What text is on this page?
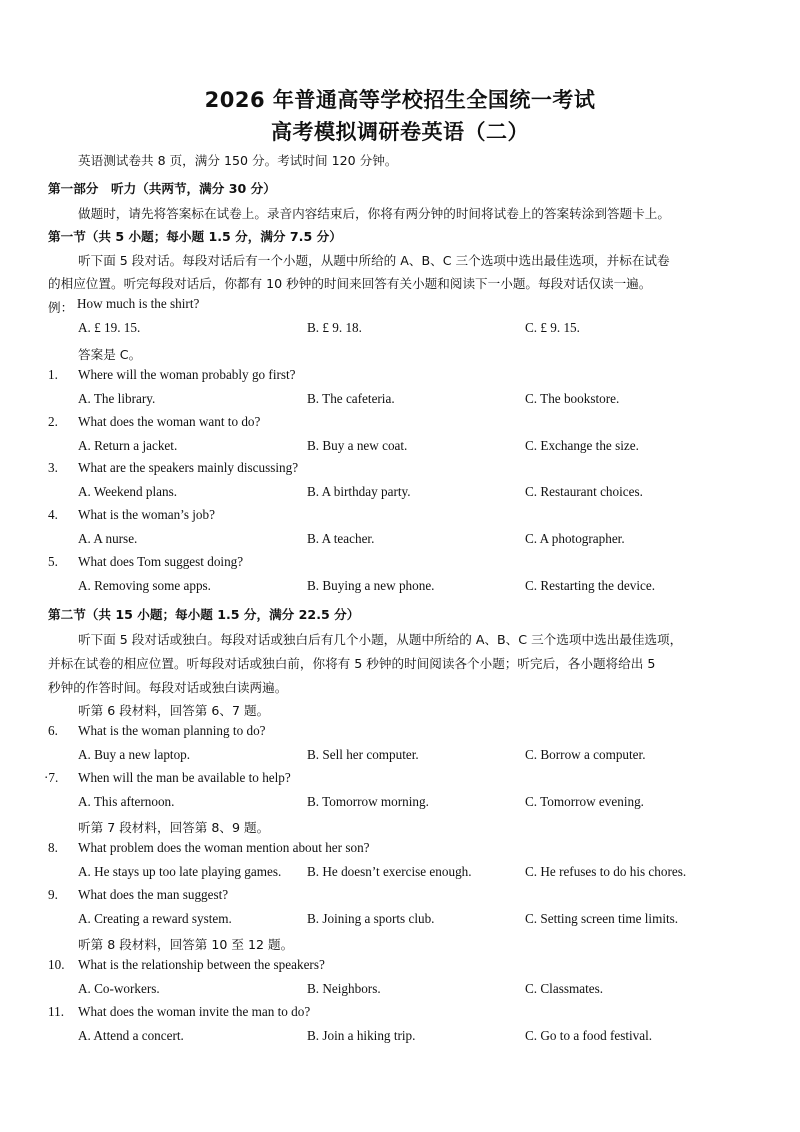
2026 年普通高等学校招生全国统一考试
高考模拟调研卷英语（二）
英语测试卷共 8 页，满分 150 分。考试时间 120 分钟。
第一部分　听力（共两节，满分 30 分）
做题时，请先将答案标在试卷上。录音内容结束后，你将有两分钟的时间将试卷上的答案转涂到答题卡上。
第一节（共 5 小题；每小题 1.5 分，满分 7.5 分）
听下面 5 段对话。每段对话后有一个小题，从题中所给的 A、B、C 三个选项中选出最佳选项，并标在试卷
的相应位置。听完每段对话后，你都有 10 秒钟的时间来回答有关小题和阅读下一小题。每段对话仅读一遍。
例： How much is the shirt?
A. £ 19. 15.	B. £ 9. 18.	C. £ 9. 15.
答案是 C。
1. Where will the woman probably go first?
A. The library.	B. The cafeteria.	C. The bookstore.
2. What does the woman want to do?
A. Return a jacket.	B. Buy a new coat.	C. Exchange the size.
3. What are the speakers mainly discussing?
A. Weekend plans.	B. A birthday party.	C. Restaurant choices.
4. What is the woman’s job?
A. A nurse.	B. A teacher.	C. A photographer.
5. What does Tom suggest doing?
A. Removing some apps.	B. Buying a new phone.	C. Restarting the device.
第二节（共 15 小题；每小题 1.5 分，满分 22.5 分）
听下面 5 段对话或独白。每段对话或独白后有几个小题，从题中所给的 A、B、C 三个选项中选出最佳选项，
并标在试卷的相应位置。听每段对话或独白前，你将有 5 秒钟的时间阅读各个小题；听完后，各小题将给出 5
秒钟的作答时间。每段对话或独白读两遍。
听第 6 段材料，回答第 6、7 题。
6. What is the woman planning to do?
A. Buy a new laptop.	B. Sell her computer.	C. Borrow a computer.
·7. When will the man be available to help?
A. This afternoon.	B. Tomorrow morning.	C. Tomorrow evening.
听第 7 段材料，回答第 8、9 题。
8. What problem does the woman mention about her son?
A. He stays up too late playing games. B. He doesn’t exercise enough.	C. He refuses to do his chores.
9. What does the man suggest?
A. Creating a reward system.	B. Joining a sports club.	C. Setting screen time limits.
听第 8 段材料，回答第 10 至 12 题。
10. What is the relationship between the speakers?
A. Co-workers.	B. Neighbors.	C. Classmates.
11. What does the woman invite the man to do?
A. Attend a concert.	B. Join a hiking trip.	C. Go to a food festival.
